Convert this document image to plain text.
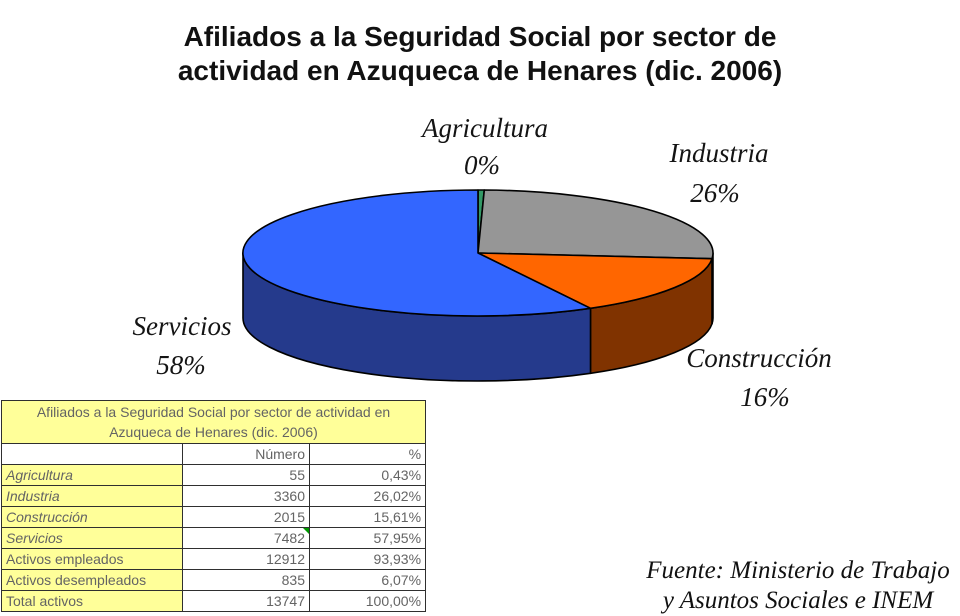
Afiliados a la Seguridad Social por sector de
actividad en Azuqueca de Henares (dic. 2006)
Agricultura
0%	Industria
26%
Servicios
58%	Construcción
16%
Fuente: Ministerio de Trabajo
y Asuntos Sociales e INEM
Afiliados a la Seguridad Social por sector de actividad en
Azuqueca de Henares (dic. 2006)		
	Número	%
Agricultura	55	0,43%
Industria	3360	26,02%
Construcción	2015	15,61%
Servicios	7482	57,95%
Activos empleados	12912	93,93%
Activos desempleados	835	6,07%
Total activos	13747	100,00%
